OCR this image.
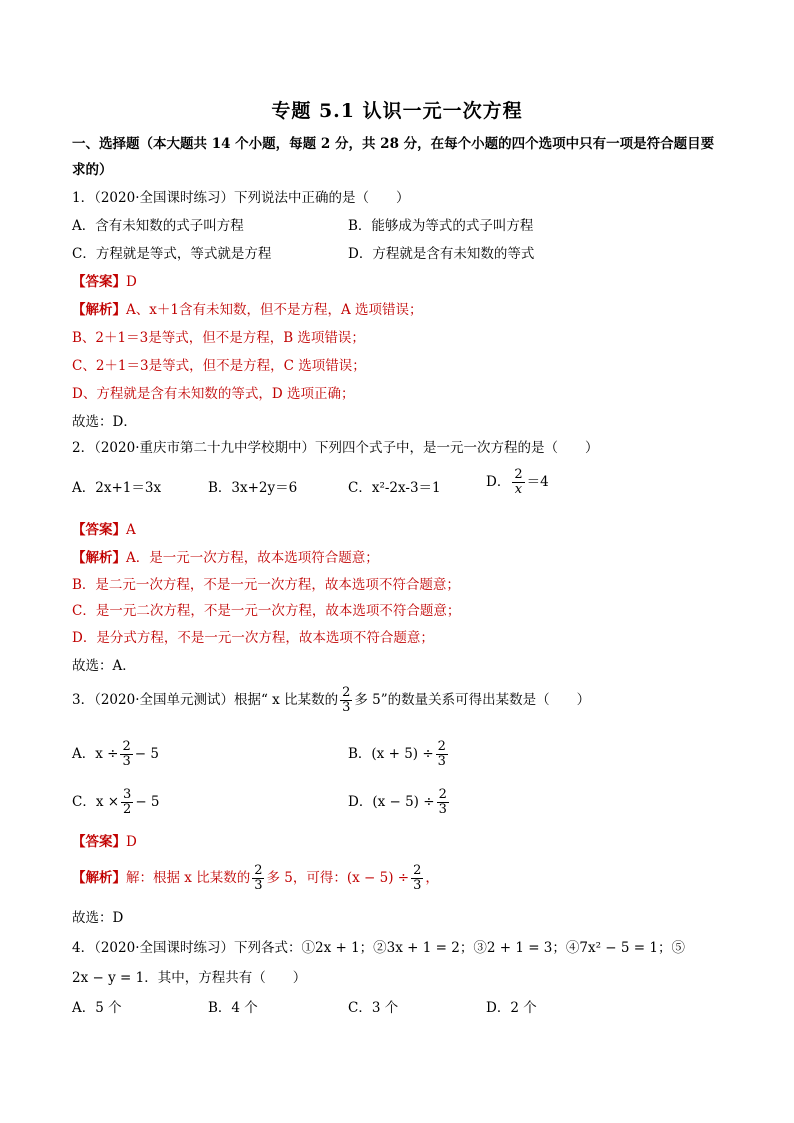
专题 5.1 认识一元一次方程
一、选择题（本大题共 14 个小题，每题 2 分，共 28 分，在每个小题的四个选项中只有一项是符合题目要
求的）
1．（2020·全国课时练习）下列说法中正确的是（　　）
A．含有未知数的式子叫方程	B．能够成为等式的式子叫方程
C．方程就是等式，等式就是方程	D．方程就是含有未知数的等式
【答案】D
【解析】A、x＋1含有未知数，但不是方程，A 选项错误；
B、2＋1＝3是等式，但不是方程，B 选项错误；
C、2＋1＝3是等式，但不是方程，C 选项错误；
D、方程就是含有未知数的等式，D 选项正确；
故选：D．
2．（2020·重庆市第二十九中学校期中）下列四个式子中，是一元一次方程的是（　　）
A．2x+1＝3x	B．3x+2y＝6	C．x²-2x-3＝1	D． $\frac{2}{x} =4$
【答案】A
【解析】A．是一元一次方程，故本选项符合题意；
B．是二元一次方程，不是一元一次方程，故本选项不符合题意；
C．是一元二次方程，不是一元一次方程，故本选项不符合题意；
D．是分式方程，不是一元一次方程，故本选项不符合题意；
故选：A．
3．（2020·全国单元测试）根据“ x 比某数的 $\frac{2}{3}$ 多 5”的数量关系可得出某数是（　　）
A．$x \div \frac{2}{3} - 5$	B．$(x + 5) \div \frac{2}{3}$
C．$x \times \frac{3}{2} - 5$	D．$(x - 5) \div \frac{2}{3}$
【答案】D
【解析】解：根据 x 比某数的 $\frac{2}{3}$ 多 5，可得：$(x - 5) \div \frac{2}{3}$ ，
故选：D
4．（2020·全国课时练习）下列各式：①2x + 1；②3x + 1 = 2；③2 + 1 = 3；④7x² − 5 = 1；⑤
2x − y = 1．其中，方程共有（　　）
A．5 个	B．4 个	C．3 个	D．2 个
